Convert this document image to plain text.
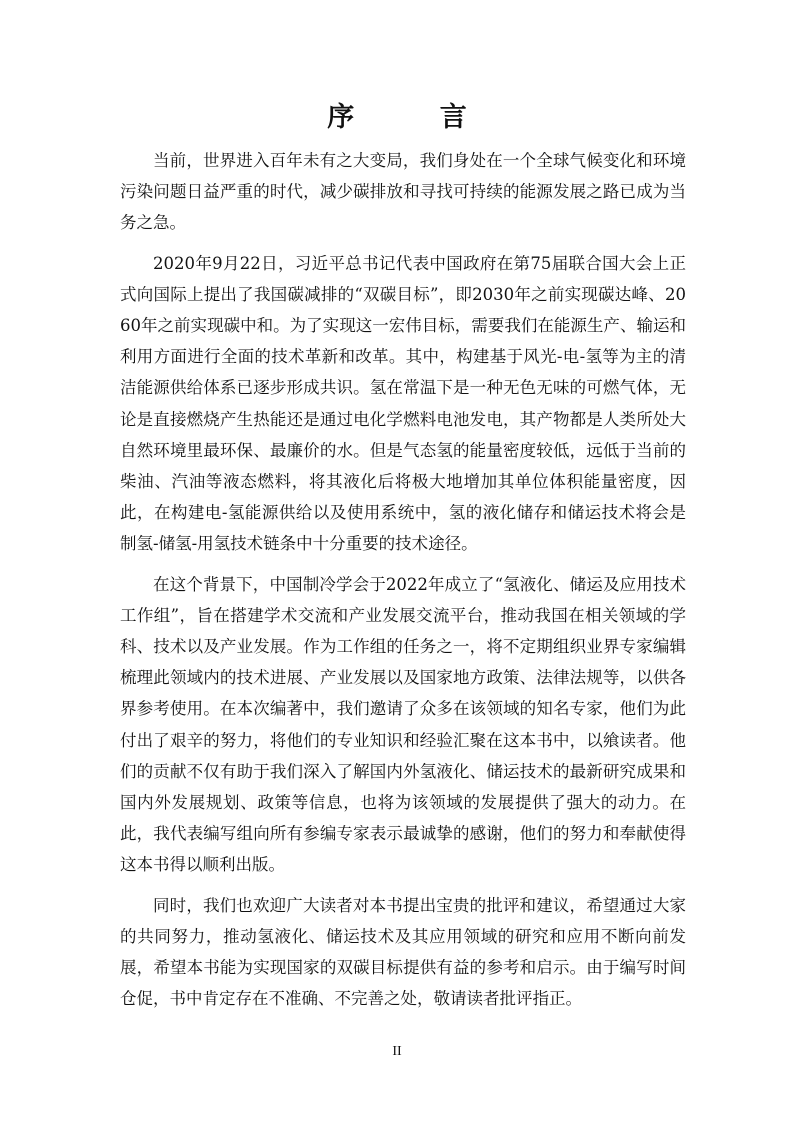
序 言

当前，世界进入百年未有之大变局，我们身处在一个全球气候变化和环境污染问题日益严重的时代，减少碳排放和寻找可持续的能源发展之路已成为当务之急。

2020年9月22日，习近平总书记代表中国政府在第75届联合国大会上正式向国际上提出了我国碳减排的“双碳目标”，即2030年之前实现碳达峰、2060年之前实现碳中和。为了实现这一宏伟目标，需要我们在能源生产、输运和利用方面进行全面的技术革新和改革。其中，构建基于风光-电-氢等为主的清洁能源供给体系已逐步形成共识。氢在常温下是一种无色无味的可燃气体，无论是直接燃烧产生热能还是通过电化学燃料电池发电，其产物都是人类所处大自然环境里最环保、最廉价的水。但是气态氢的能量密度较低，远低于当前的柴油、汽油等液态燃料，将其液化后将极大地增加其单位体积能量密度，因此，在构建电-氢能源供给以及使用系统中，氢的液化储存和储运技术将会是制氢-储氢-用氢技术链条中十分重要的技术途径。

在这个背景下，中国制冷学会于2022年成立了“氢液化、储运及应用技术工作组”，旨在搭建学术交流和产业发展交流平台，推动我国在相关领域的学科、技术以及产业发展。作为工作组的任务之一，将不定期组织业界专家编辑梳理此领域内的技术进展、产业发展以及国家地方政策、法律法规等，以供各界参考使用。在本次编著中，我们邀请了众多在该领域的知名专家，他们为此付出了艰辛的努力，将他们的专业知识和经验汇聚在这本书中，以飨读者。他们的贡献不仅有助于我们深入了解国内外氢液化、储运技术的最新研究成果和国内外发展规划、政策等信息，也将为该领域的发展提供了强大的动力。在此，我代表编写组向所有参编专家表示最诚挚的感谢，他们的努力和奉献使得这本书得以顺利出版。

同时，我们也欢迎广大读者对本书提出宝贵的批评和建议，希望通过大家的共同努力，推动氢液化、储运技术及其应用领域的研究和应用不断向前发展，希望本书能为实现国家的双碳目标提供有益的参考和启示。由于编写时间仓促，书中肯定存在不准确、不完善之处，敬请读者批评指正。

II
